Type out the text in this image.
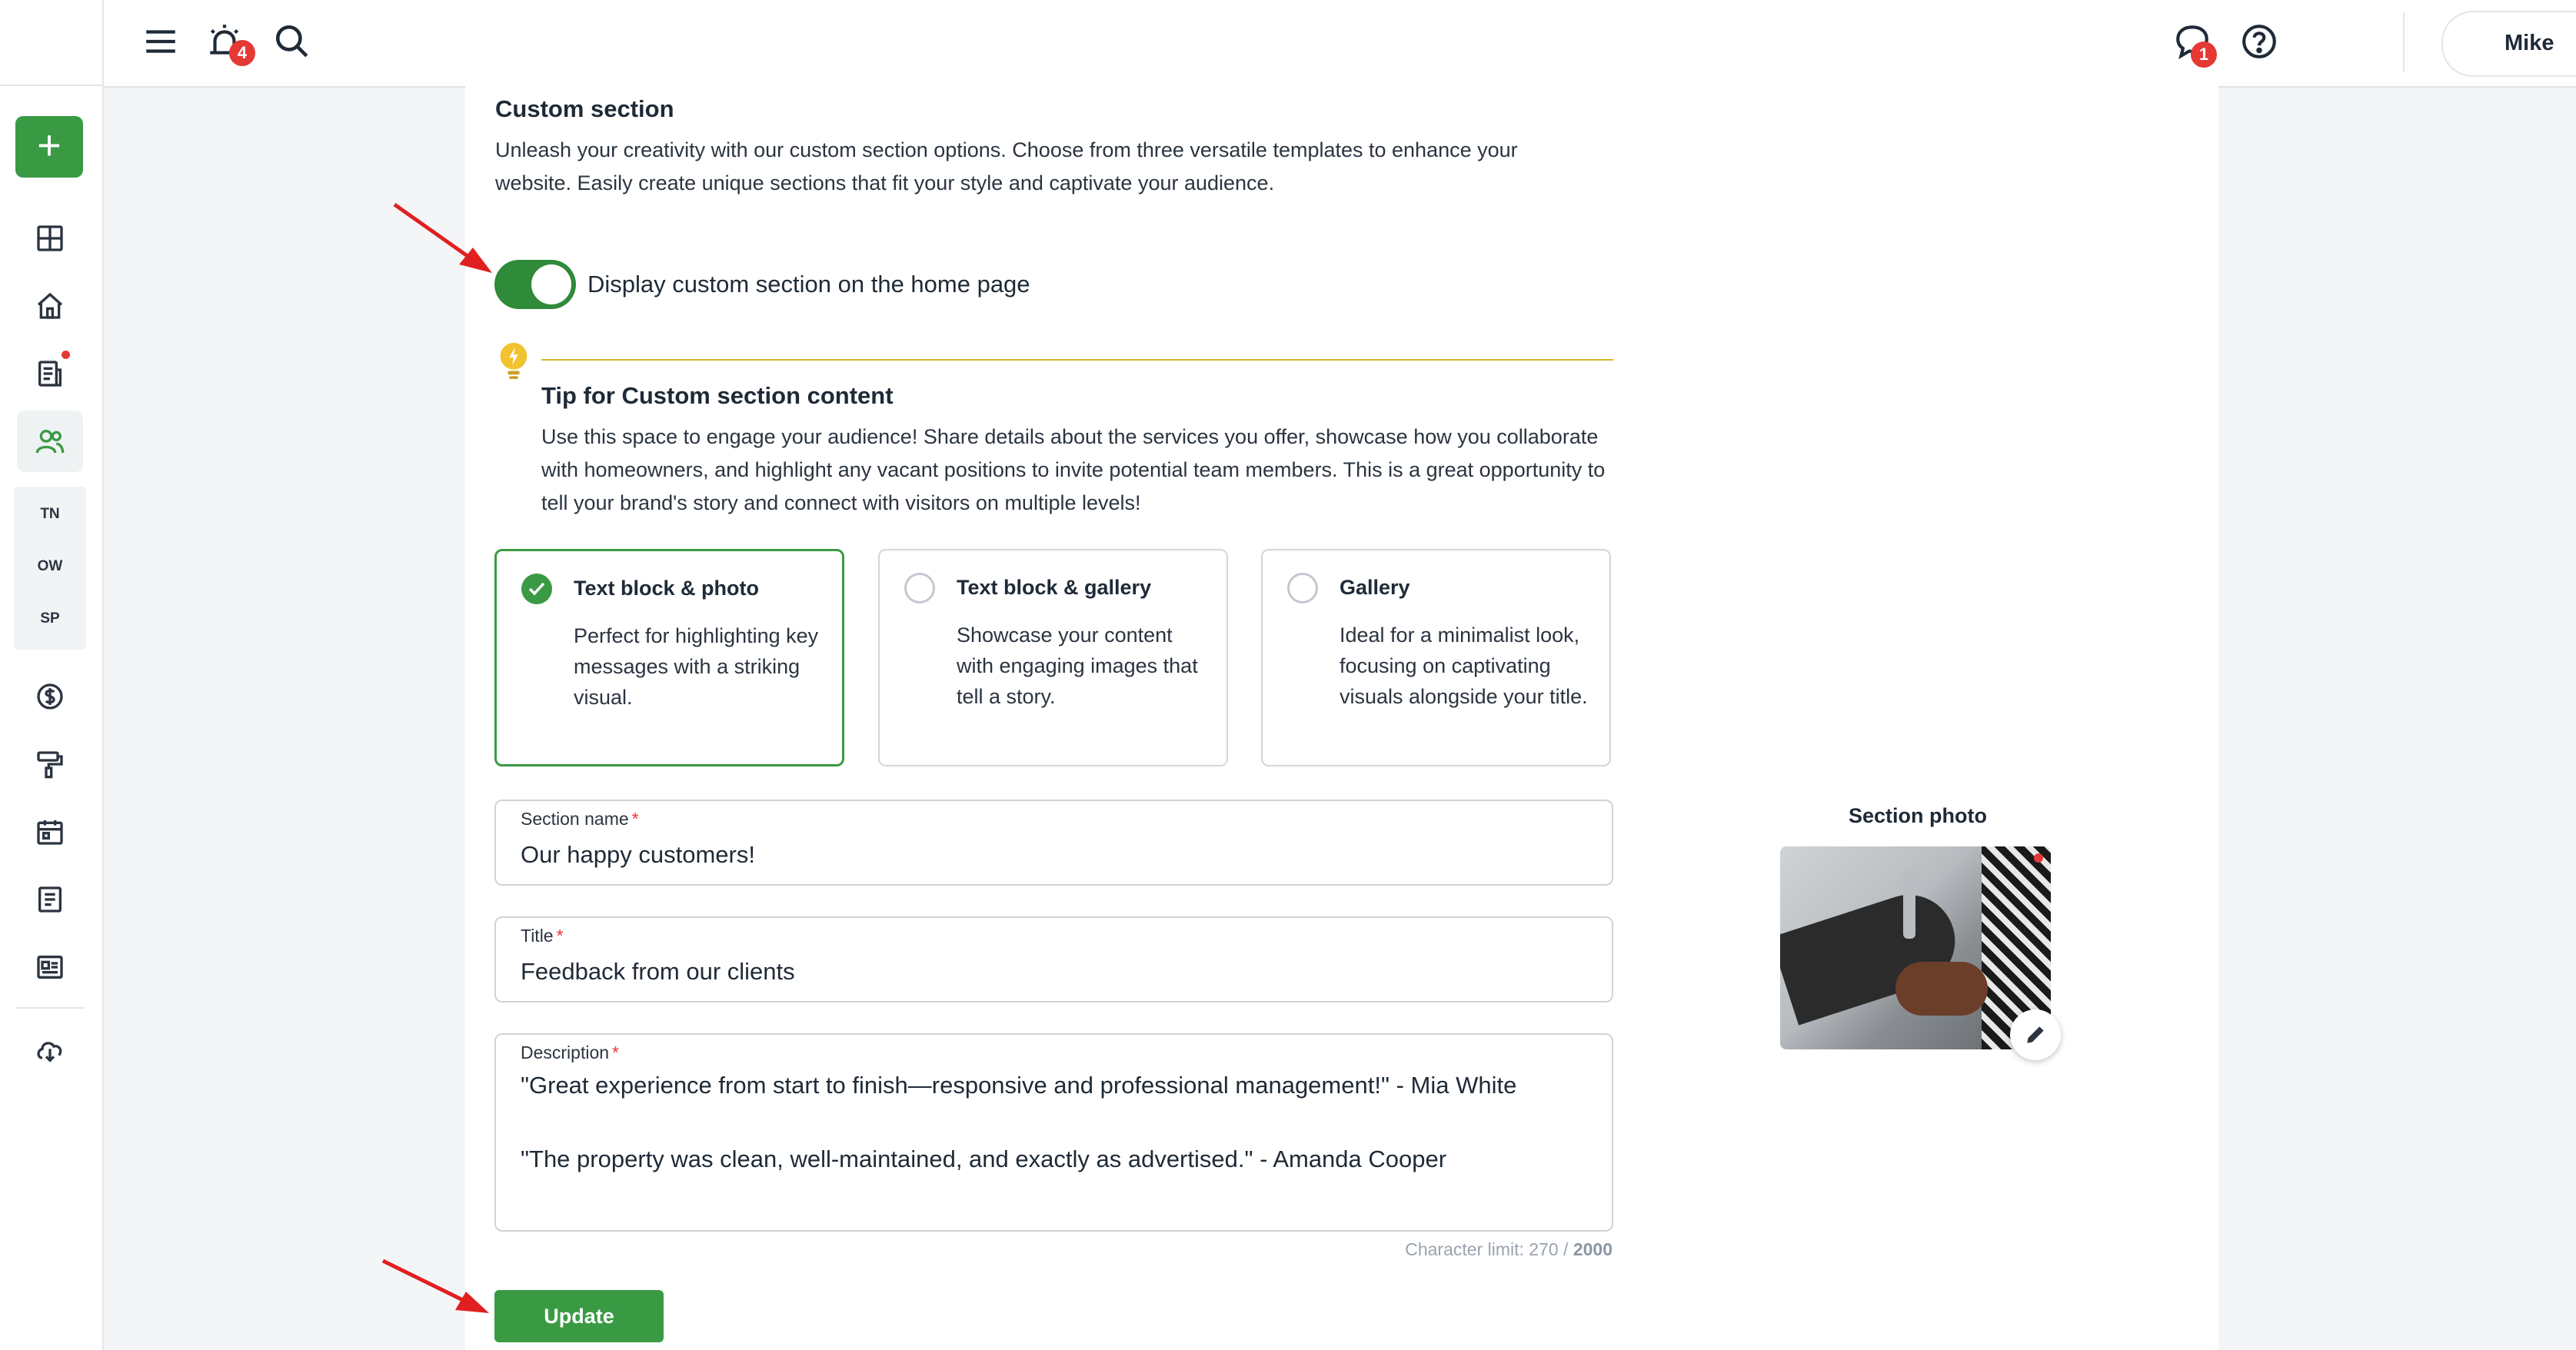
+
TN
OW
SP
4	1	Mike
Custom section
Unleash your creativity with our custom section options. Choose from three versatile templates to enhance your website. Easily create unique sections that fit your style and captivate your audience.
Display custom section on the home page
Tip for Custom section content
Use this space to engage your audience! Share details about the services you offer, showcase how you collaborate with homeowners, and highlight any vacant positions to invite potential team members. This is a great opportunity to tell your brand's story and connect with visitors on multiple levels!
Text block & photo
Perfect for highlighting key messages with a striking visual.
Text block & gallery
Showcase your content with engaging images that tell a story.
Gallery
Ideal for a minimalist look, focusing on captivating visuals alongside your title.
Section name *
Our happy customers!
Title *
Feedback from our clients
Description *
"Great experience from start to finish—responsive and professional management!" - Mia White
"The property was clean, well-maintained, and exactly as advertised." - Amanda Cooper
Character limit: 270 / 2000
Update
Section photo
